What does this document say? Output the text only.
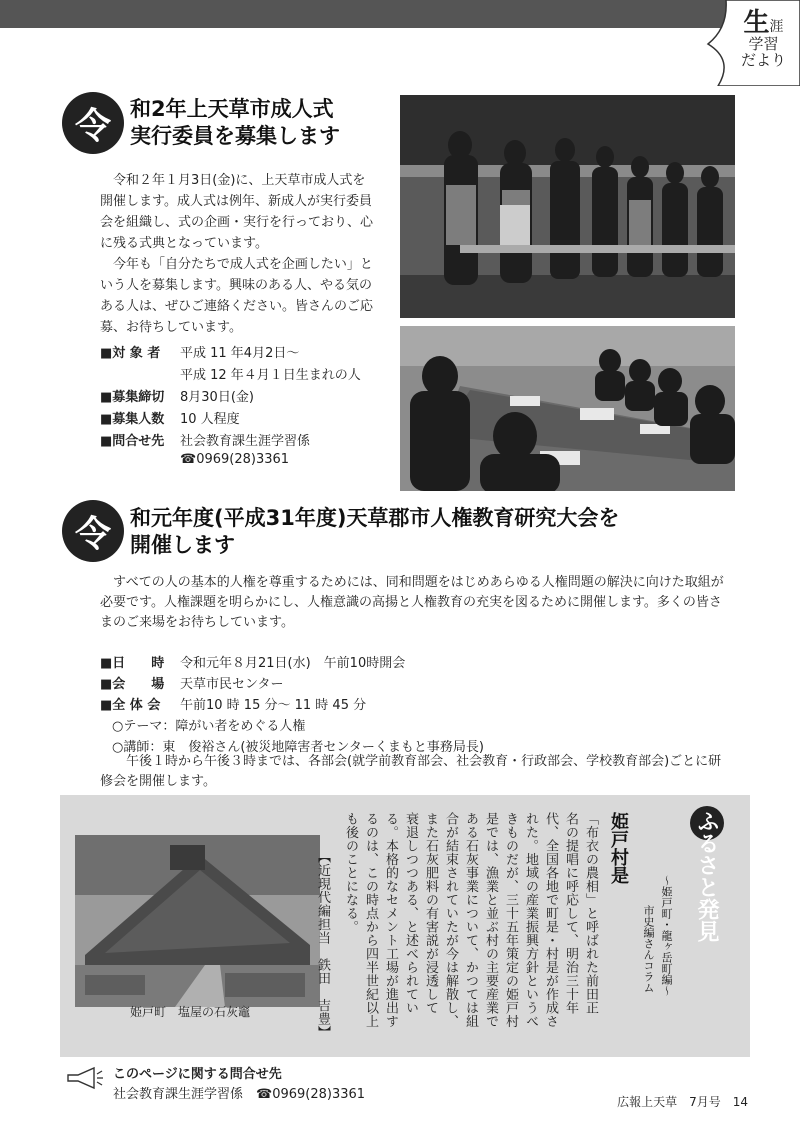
生涯
学習
だより
令 和2年上天草市成人式
実行委員を募集します
令和２年１月3日(金)に、上天草市成人式を
開催します。成人式は例年、新成人が実行委員
会を組織し、式の企画・実行を行っており、心
に残る式典となっています。
今年も「自分たちで成人式を企画したい」と
いう人を募集します。興味のある人、やる気の
ある人は、ぜひご連絡ください。皆さんのご応
募、お待ちしています。
■対 象 者 平成 11 年4月2日～
平成 12 年４月１日生まれの人
■募集締切 8月30日(金)
■募集人数 10 人程度
■問合せ先 社会教育課生涯学習係
☎0969(28)3361
令 和元年度(平成31年度)天草郡市人権教育研究大会を
開催します
すべての人の基本的人権を尊重するためには、同和問題をはじめあらゆる人権問題の解決に向けた取組が
必要です。人権課題を明らかにし、人権意識の高揚と人権教育の充実を図るために開催します。多くの皆さ
まのご来場をお待ちしています。
■日　　時 令和元年８月21日(水)　午前10時開会
■会　　場 天草市民センター
■全 体 会 午前10 時 15 分～ 11 時 45 分
○テーマ：障がい者をめぐる人権
○講師：東　俊裕さん(被災地障害者センターくまもと事務局長)
午後１時から午後３時までは、各部会(就学前教育部会、社会教育・行政部会、学校教育部会)ごとに研
修会を開催します。
姫戸町　塩屋の石灰竈
ふるさと発見
～姫戸町・龍ヶ岳町編～
市史編さんコラム
姫戸村是
「布衣の農相」と呼ばれた前田正
名の提唱に呼応して、明治三十年
代、全国各地で町是・村是が作成さ
れた。地域の産業振興方針というべ
きものだが、三十五年策定の姫戸村
是では、漁業と並ぶ村の主要産業で
ある石灰事業について、かつては組
合が結束されていたが今は解散し、
また石灰肥料の有害説が浸透して
衰退しつつある、と述べられてい
る。本格的なセメント工場が進出す
るのは、この時点から四半世紀以上
も後のことになる。
【近現代編担当　鉄田　吉豊】
このページに関する問合せ先
社会教育課生涯学習係　☎0969(28)3361	広報上天草　7月号　14
